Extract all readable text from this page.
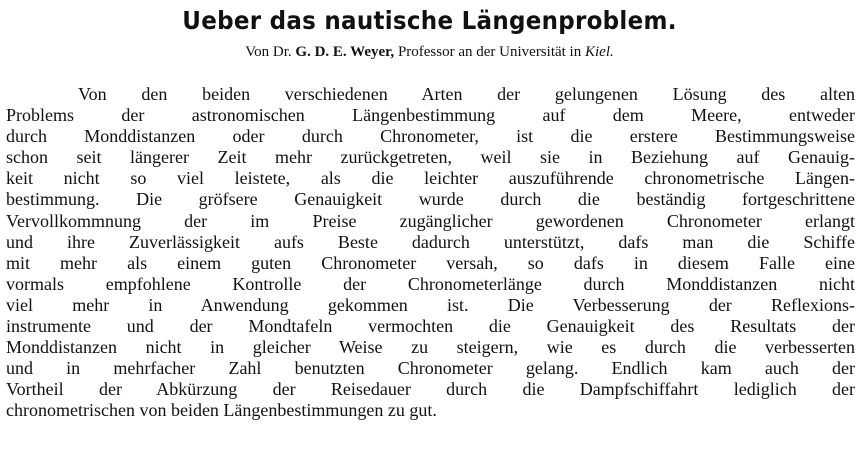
Ueber das nautische Längenproblem.
Von Dr. G. D. E. Weyer, Professor an der Universität in Kiel.
Von den beiden verschiedenen Arten der gelungenen Lösung des alten
Problems der astronomischen Längenbestimmung auf dem Meere, entweder
durch Monddistanzen oder durch Chronometer, ist die erstere Bestimmungsweise
schon seit längerer Zeit mehr zurückgetreten, weil sie in Beziehung auf Genauig-
keit nicht so viel leistete, als die leichter auszuführende chronometrische Längen-
bestimmung. Die gröfsere Genauigkeit wurde durch die beständig fortgeschrittene
Vervollkommnung der im Preise zugänglicher gewordenen Chronometer erlangt
und ihre Zuverlässigkeit aufs Beste dadurch unterstützt, dafs man die Schiffe
mit mehr als einem guten Chronometer versah, so dafs in diesem Falle eine
vormals empfohlene Kontrolle der Chronometerlänge durch Monddistanzen nicht
viel mehr in Anwendung gekommen ist. Die Verbesserung der Reflexions-
instrumente und der Mondtafeln vermochten die Genauigkeit des Resultats der
Monddistanzen nicht in gleicher Weise zu steigern, wie es durch die verbesserten
und in mehrfacher Zahl benutzten Chronometer gelang. Endlich kam auch der
Vortheil der Abkürzung der Reisedauer durch die Dampfschiffahrt lediglich der
chronometrischen von beiden Längenbestimmungen zu gut.
